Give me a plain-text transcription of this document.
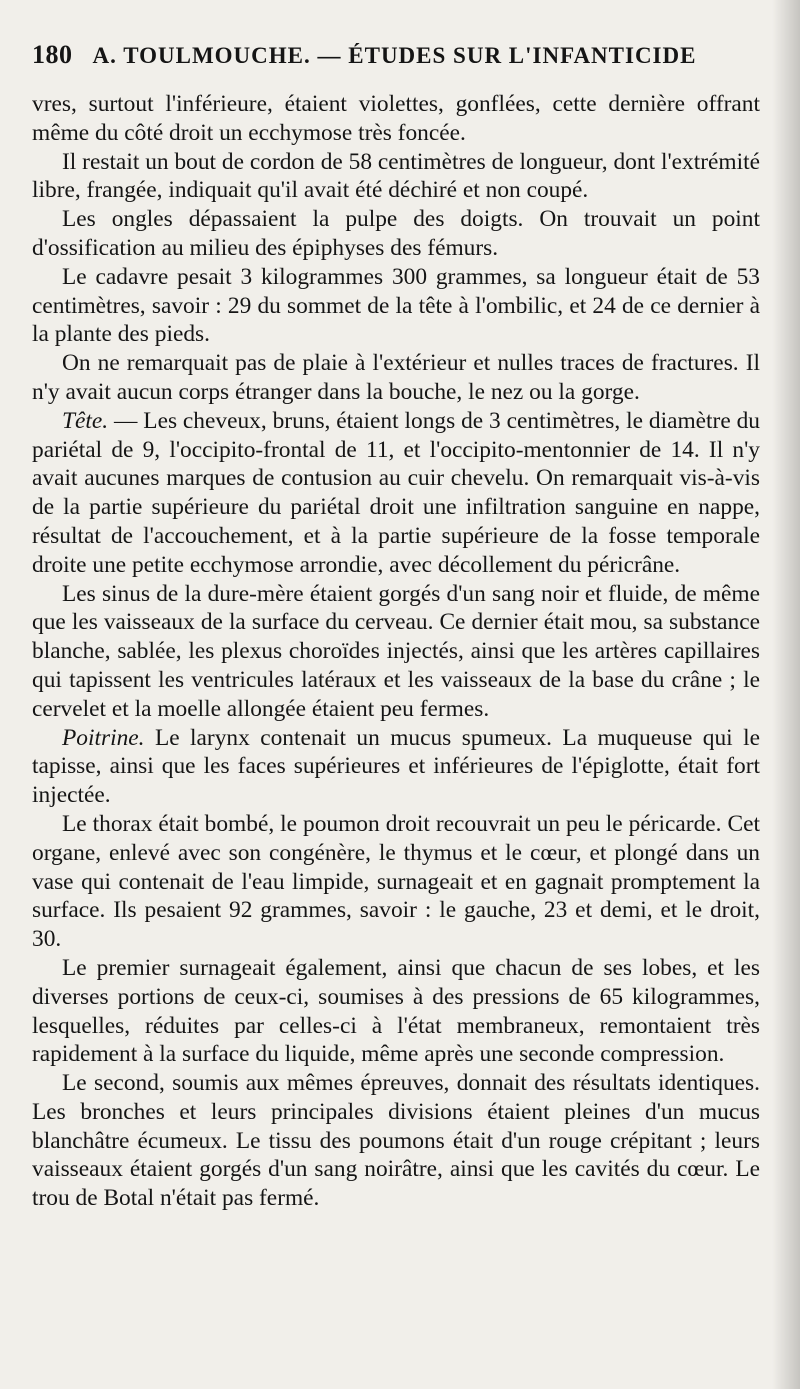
180 A. TOULMOUCHE. — ÉTUDES SUR L'INFANTICIDE

vres, surtout l'inférieure, étaient violettes, gonflées, cette dernière offrant même du côté droit un ecchymose très foncée.

Il restait un bout de cordon de 58 centimètres de longueur, dont l'extrémité libre, frangée, indiquait qu'il avait été déchiré et non coupé.

Les ongles dépassaient la pulpe des doigts. On trouvait un point d'ossification au milieu des épiphyses des fémurs.

Le cadavre pesait 3 kilogrammes 300 grammes, sa longueur était de 53 centimètres, savoir : 29 du sommet de la tête à l'ombilic, et 24 de ce dernier à la plante des pieds.

On ne remarquait pas de plaie à l'extérieur et nulles traces de fractures. Il n'y avait aucun corps étranger dans la bouche, le nez ou la gorge.

Tête. — Les cheveux, bruns, étaient longs de 3 centimètres, le diamètre du pariétal de 9, l'occipito-frontal de 11, et l'occipito-mentonnier de 14. Il n'y avait aucunes marques de contusion au cuir chevelu. On remarquait vis-à-vis de la partie supérieure du pariétal droit une infiltration sanguine en nappe, résultat de l'accouchement, et à la partie supérieure de la fosse temporale droite une petite ecchymose arrondie, avec décollement du péricrâne.

Les sinus de la dure-mère étaient gorgés d'un sang noir et fluide, de même que les vaisseaux de la surface du cerveau. Ce dernier était mou, sa substance blanche, sablée, les plexus choroïdes injectés, ainsi que les artères capillaires qui tapissent les ventricules latéraux et les vaisseaux de la base du crâne ; le cervelet et la moelle allongée étaient peu fermes.

Poitrine. Le larynx contenait un mucus spumeux. La muqueuse qui le tapisse, ainsi que les faces supérieures et inférieures de l'épiglotte, était fort injectée.

Le thorax était bombé, le poumon droit recouvrait un peu le péricarde. Cet organe, enlevé avec son congénère, le thymus et le cœur, et plongé dans un vase qui contenait de l'eau limpide, surnageait et en gagnait promptement la surface. Ils pesaient 92 grammes, savoir : le gauche, 23 et demi, et le droit, 30.

Le premier surnageait également, ainsi que chacun de ses lobes, et les diverses portions de ceux-ci, soumises à des pressions de 65 kilogrammes, lesquelles, réduites par celles-ci à l'état membraneux, remontaient très rapidement à la surface du liquide, même après une seconde compression.

Le second, soumis aux mêmes épreuves, donnait des résultats identiques. Les bronches et leurs principales divisions étaient pleines d'un mucus blanchâtre écumeux. Le tissu des poumons était d'un rouge crépitant ; leurs vaisseaux étaient gorgés d'un sang noirâtre, ainsi que les cavités du cœur. Le trou de Botal n'était pas fermé.
